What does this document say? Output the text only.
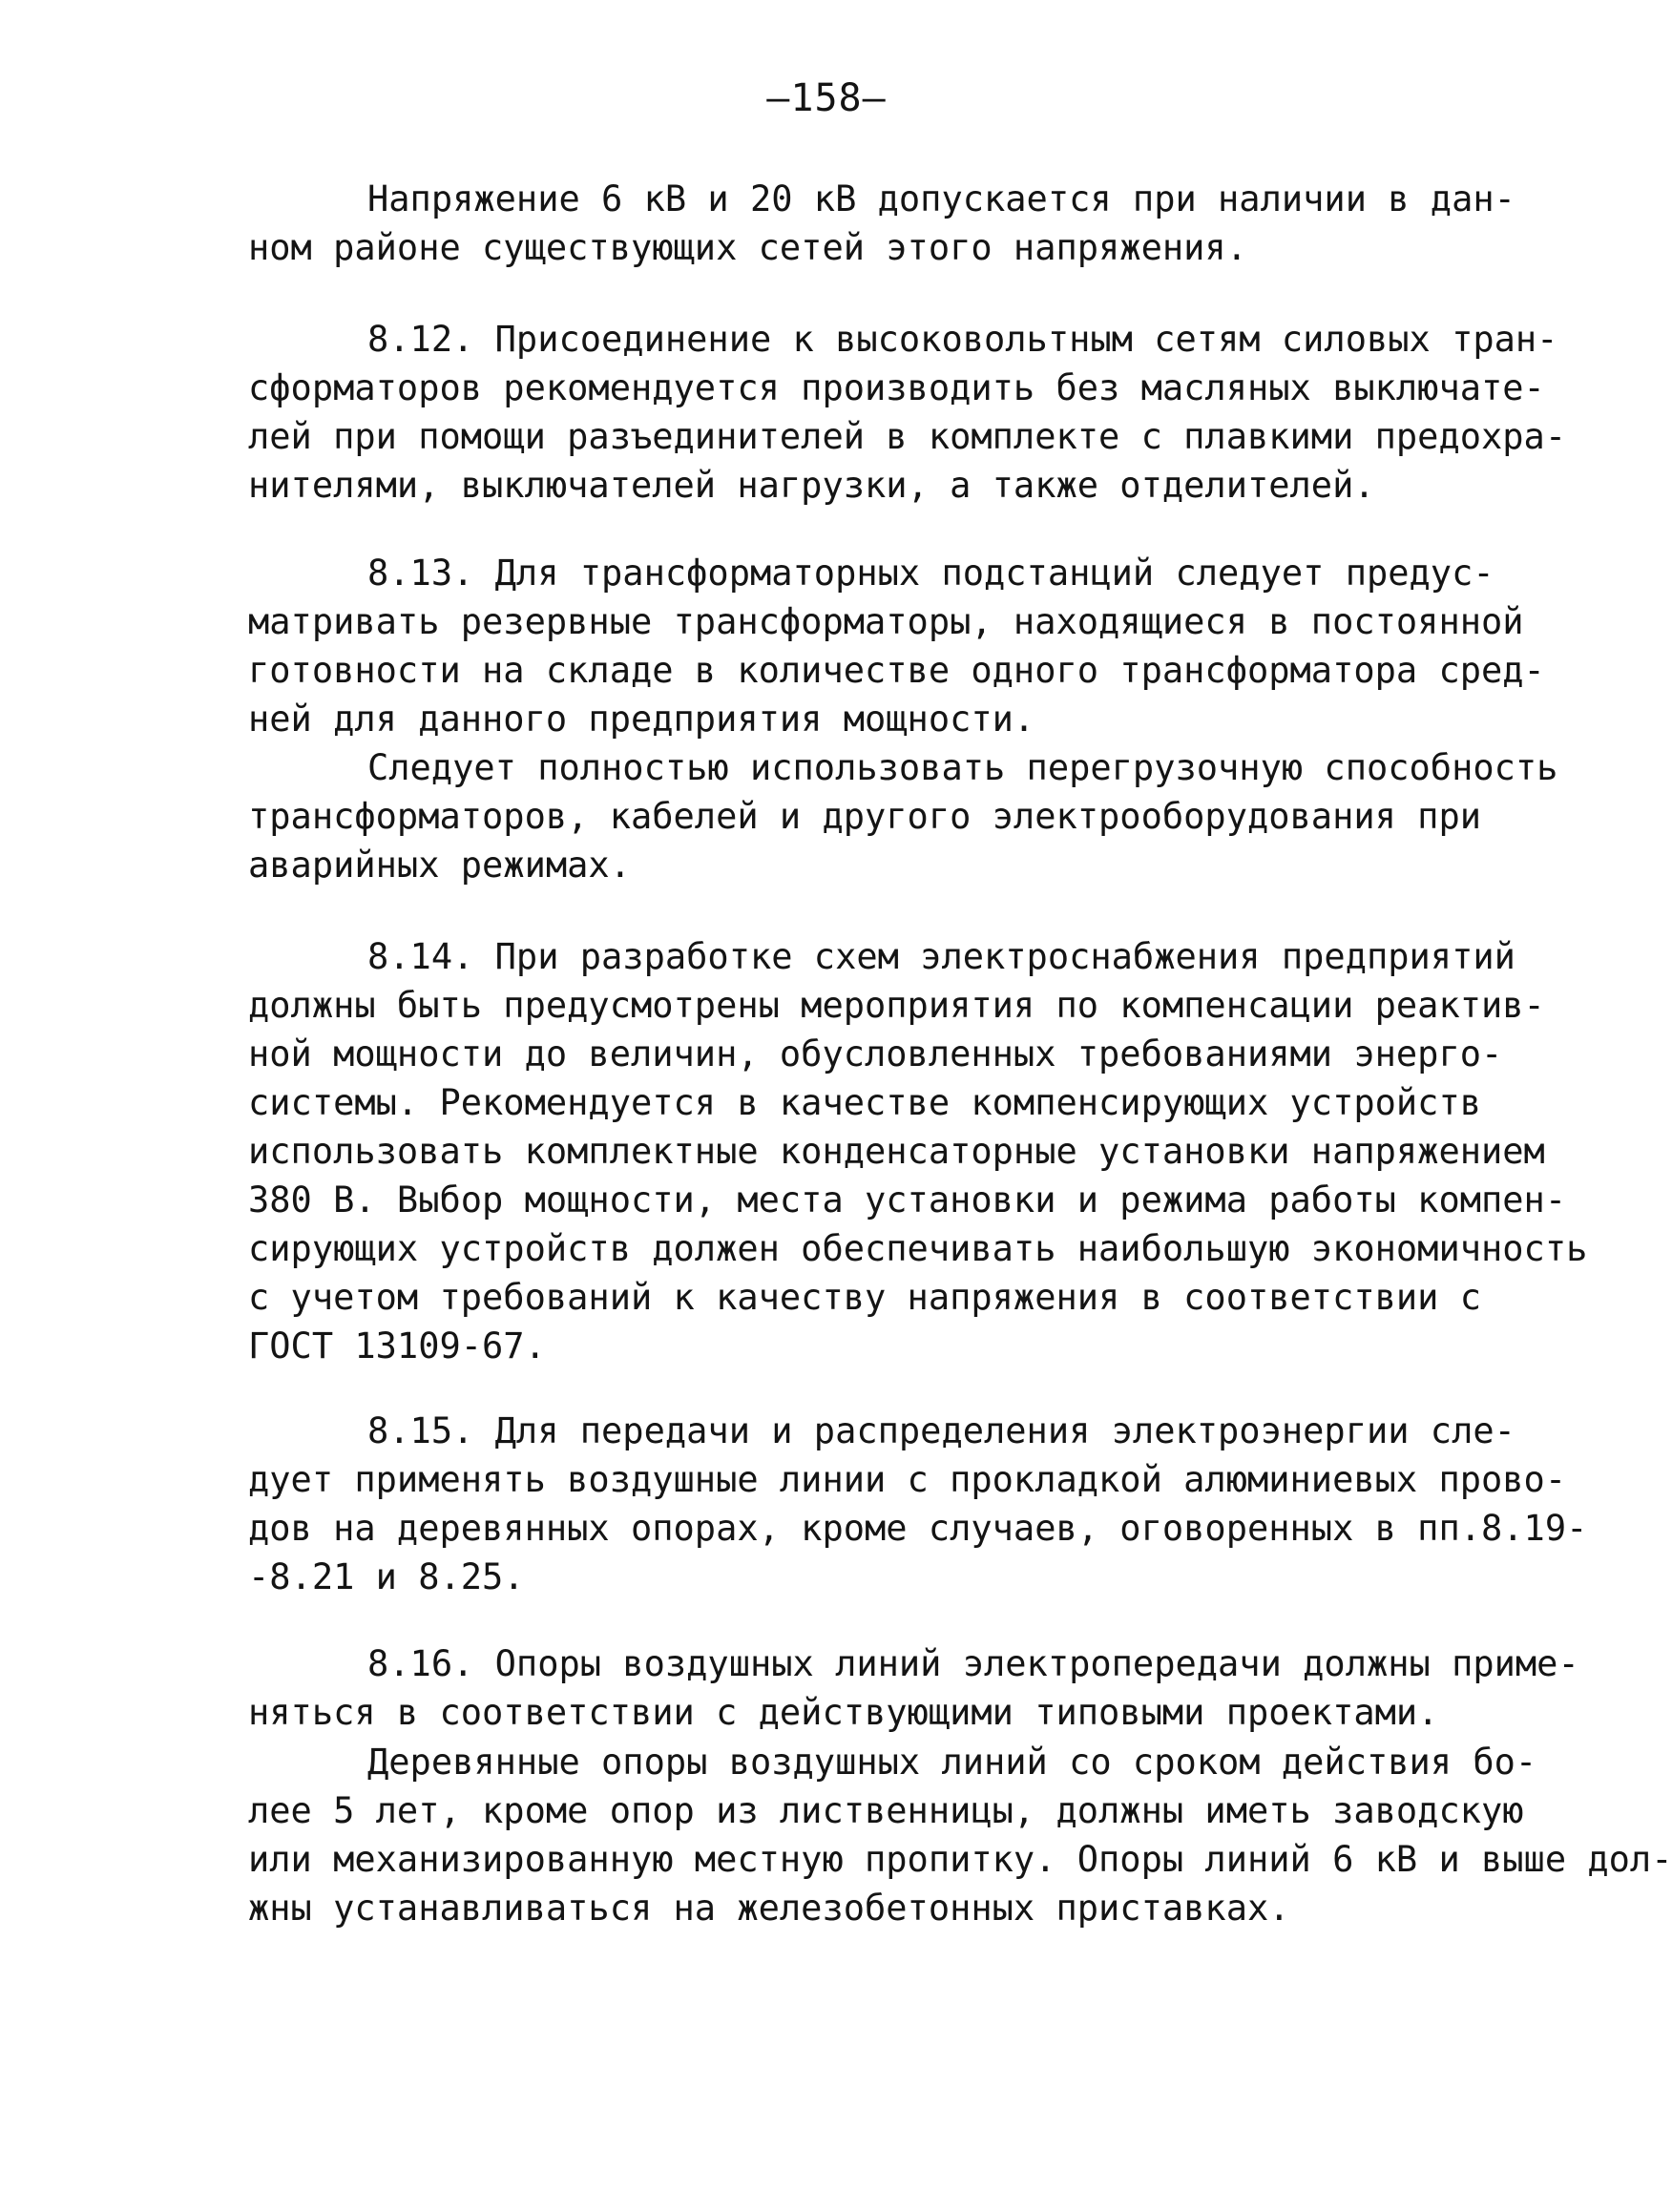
—158—
Напряжение 6 кВ и 20 кВ допускается при наличии в дан-
ном районе существующих сетей этого напряжения.
8.12. Присоединение к высоковольтным сетям силовых тран-
сформаторов рекомендуется производить без масляных выключате-
лей при помощи разъединителей в комплекте с плавкими предохра-
нителями, выключателей нагрузки, а также отделителей.
8.13. Для трансформаторных подстанций следует предус-
матривать резервные трансформаторы, находящиеся в постоянной
готовности на складе в количестве одного трансформатора сред-
ней для данного предприятия мощности.
Следует полностью использовать перегрузочную способность
трансформаторов, кабелей и другого электрооборудования при
аварийных режимах.
8.14. При разработке схем электроснабжения предприятий
должны быть предусмотрены мероприятия по компенсации реактив-
ной мощности до величин, обусловленных требованиями энерго-
системы. Рекомендуется в качестве компенсирующих устройств
использовать комплектные конденсаторные установки напряжением
380 В. Выбор мощности, места установки и режима работы компен-
сирующих устройств должен обеспечивать наибольшую экономичность
с учетом требований к качеству напряжения в соответствии с
ГОСТ 13109-67.
8.15. Для передачи и распределения электроэнергии сле-
дует применять воздушные линии с прокладкой алюминиевых прово-
дов на деревянных опорах, кроме случаев, оговоренных в пп.8.19-
-8.21 и 8.25.
8.16. Опоры воздушных линий электропередачи должны приме-
няться в соответствии с действующими типовыми проектами.
Деревянные опоры воздушных линий со сроком действия бо-
лее 5 лет, кроме опор из лиственницы, должны иметь заводскую
или механизированную местную пропитку. Опоры линий 6 кВ и выше дол-
жны устанавливаться на железобетонных приставках.
